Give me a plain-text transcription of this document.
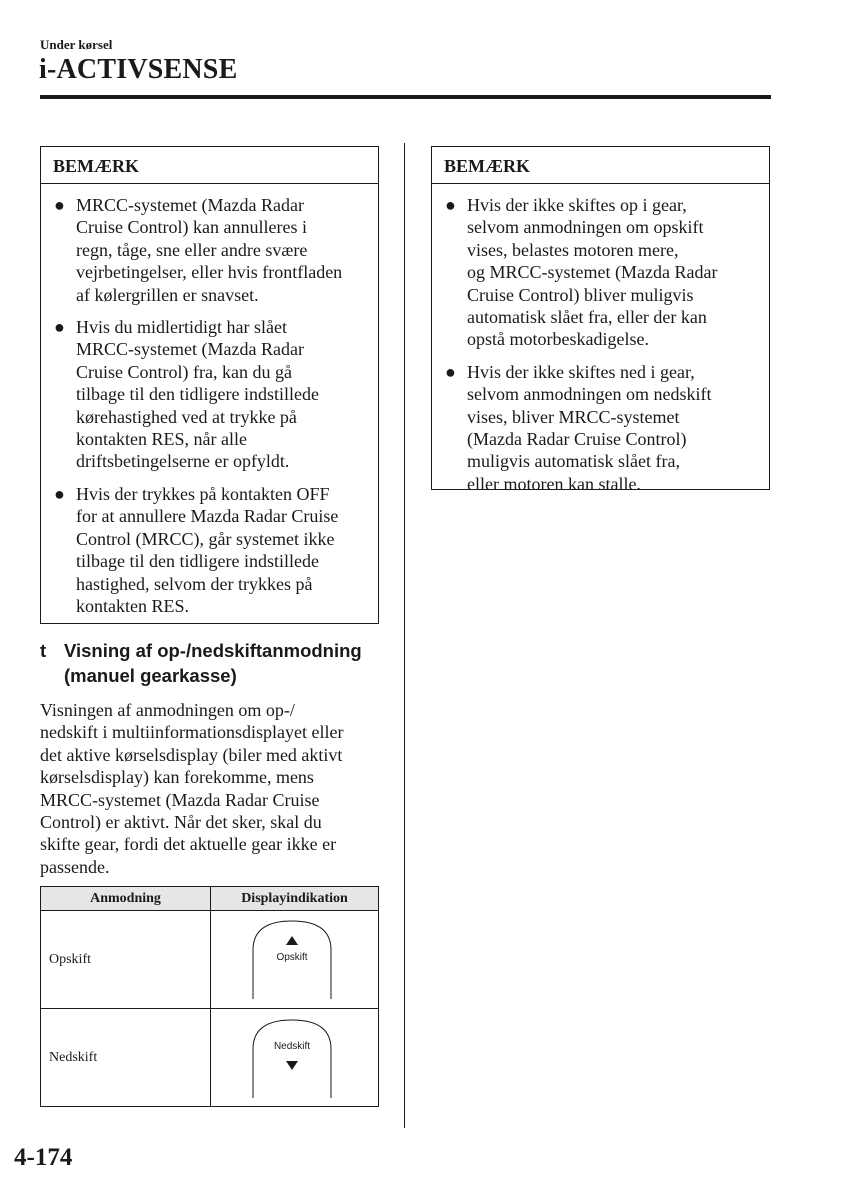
Under kørsel
i-ACTIVSENSE
BEMÆRK
● MRCC-systemet (Mazda Radar
Cruise Control) kan annulleres i
regn, tåge, sne eller andre svære
vejrbetingelser, eller hvis frontfladen
af kølergrillen er snavset.
● Hvis du midlertidigt har slået
MRCC-systemet (Mazda Radar
Cruise Control) fra, kan du gå
tilbage til den tidligere indstillede
kørehastighed ved at trykke på
kontakten RES, når alle
driftsbetingelserne er opfyldt.
● Hvis der trykkes på kontakten OFF
for at annullere Mazda Radar Cruise
Control (MRCC), går systemet ikke
tilbage til den tidligere indstillede
hastighed, selvom der trykkes på
kontakten RES.
t Visning af op-/nedskiftanmodning
(manuel gearkasse)
Visningen af anmodningen om op-/
nedskift i multiinformationsdisplayet eller
det aktive kørselsdisplay (biler med aktivt
kørselsdisplay) kan forekomme, mens
MRCC-systemet (Mazda Radar Cruise
Control) er aktivt. Når det sker, skal du
skifte gear, fordi det aktuelle gear ikke er
passende.
Anmodning	Displayindikation
Opskift	Opskift

Nedskift	Nedskift
BEMÆRK
● Hvis der ikke skiftes op i gear,
selvom anmodningen om opskift
vises, belastes motoren mere,
og MRCC-systemet (Mazda Radar
Cruise Control) bliver muligvis
automatisk slået fra, eller der kan
opstå motorbeskadigelse.
● Hvis der ikke skiftes ned i gear,
selvom anmodningen om nedskift
vises, bliver MRCC-systemet
(Mazda Radar Cruise Control)
muligvis automatisk slået fra,
eller motoren kan stalle.
4-174
